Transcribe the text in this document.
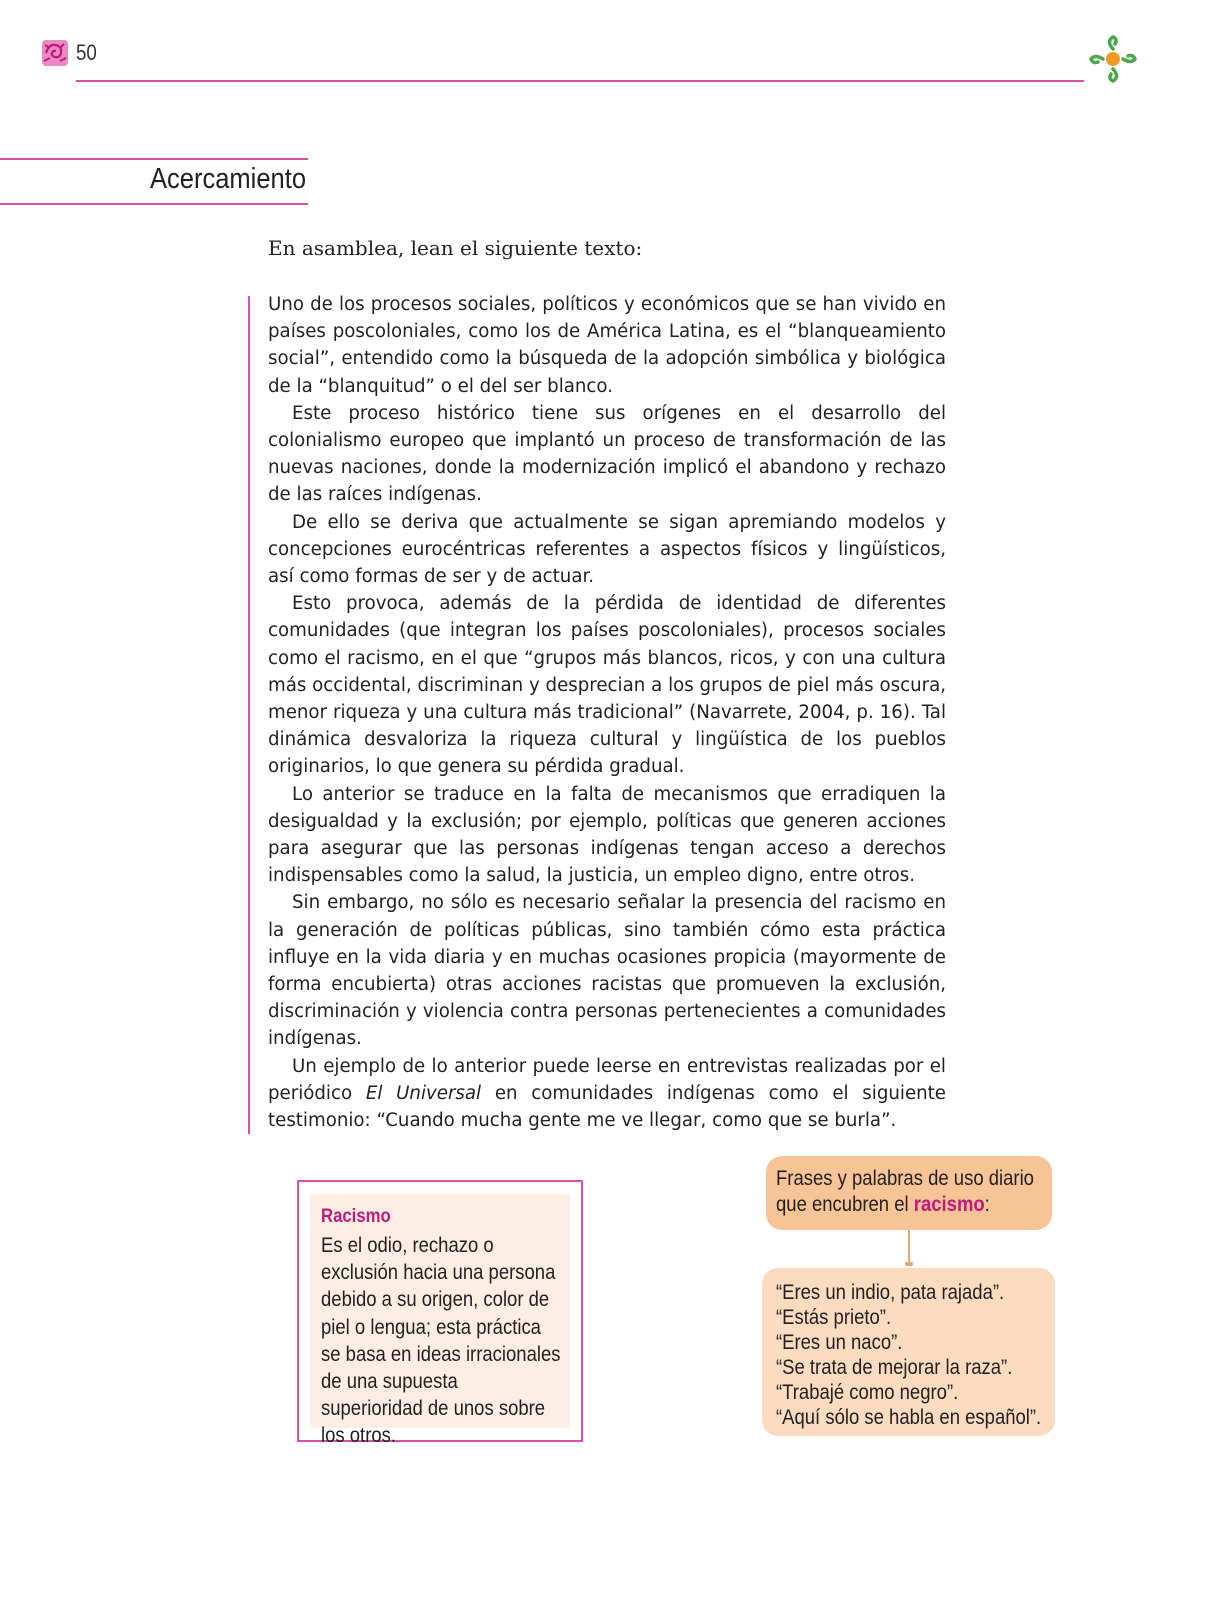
50
Acercamiento
En asamblea, lean el siguiente texto:

Uno de los procesos sociales, políticos y económicos que se han vivido en países poscoloniales, como los de América Latina, es el “blanqueamiento social”, entendido como la búsqueda de la adopción simbólica y biológica de la “blanquitud” o el del ser blanco.

Este proceso histórico tiene sus orígenes en el desarrollo del colonialismo europeo que implantó un proceso de transformación de las nuevas naciones, donde la modernización implicó el abandono y rechazo de las raíces indígenas.

De ello se deriva que actualmente se sigan apremiando modelos y concepciones eurocéntricas referentes a aspectos físicos y lingüísticos, así como formas de ser y de actuar.

Esto provoca, además de la pérdida de identidad de diferentes comunidades (que integran los países poscoloniales), procesos sociales como el racismo, en el que “grupos más blancos, ricos, y con una cultura más occidental, discriminan y desprecian a los grupos de piel más oscura, menor riqueza y una cultura más tradicional” (Navarrete, 2004, p. 16). Tal dinámica desvaloriza la riqueza cultural y lingüística de los pueblos originarios, lo que genera su pérdida gradual.

Lo anterior se traduce en la falta de mecanismos que erradiquen la desigualdad y la exclusión; por ejemplo, políticas que generen acciones para asegurar que las personas indígenas tengan acceso a derechos indispensables como la salud, la justicia, un empleo digno, entre otros.

Sin embargo, no sólo es necesario señalar la presencia del racismo en la generación de políticas públicas, sino también cómo esta práctica influye en la vida diaria y en muchas ocasiones propicia (mayormente de forma encubierta) otras acciones racistas que promueven la exclusión, discriminación y violencia contra personas pertenecientes a comunidades indígenas.

Un ejemplo de lo anterior puede leerse en entrevistas realizadas por el periódico El Universal en comunidades indígenas como el siguiente testimonio: “Cuando mucha gente me ve llegar, como que se burla”.

Racismo
Es el odio, rechazo o exclusión hacia una persona debido a su origen, color de piel o lengua; esta práctica se basa en ideas irracionales de una supuesta superioridad de unos sobre los otros.
Frases y palabras de uso diario que encubren el racismo:
“Eres un indio, pata rajada”.
“Estás prieto”.
“Eres un naco”.
“Se trata de mejorar la raza”.
“Trabajé como negro”.
“Aquí sólo se habla en español”.
